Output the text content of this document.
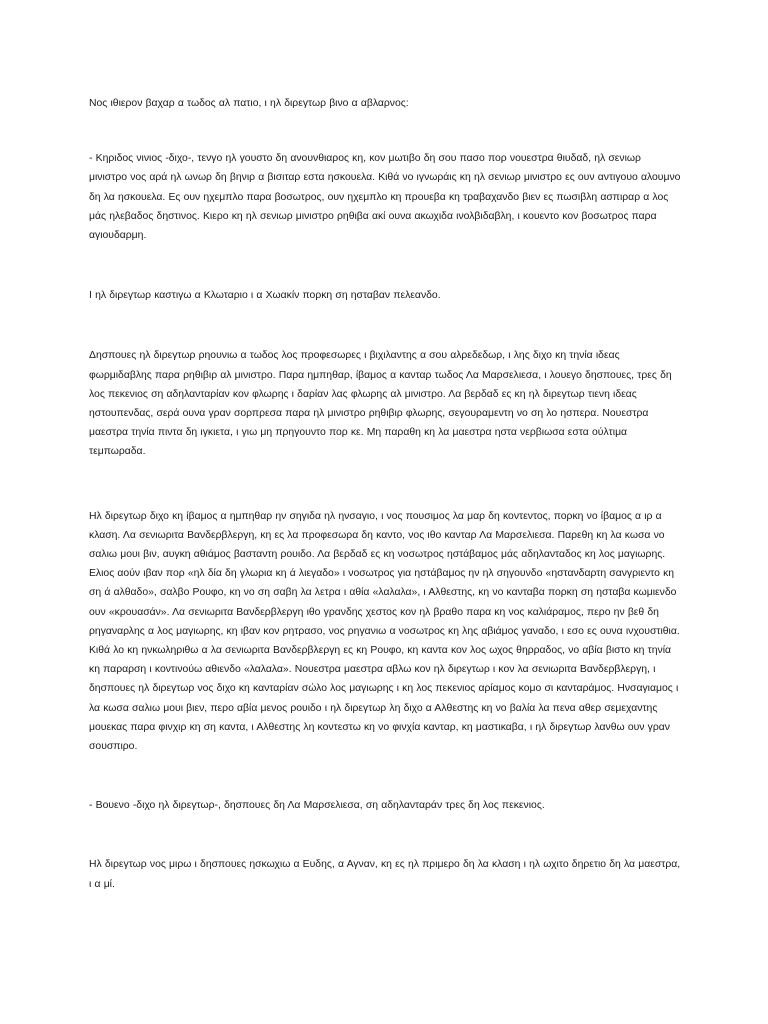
Νος ιθιερον βαχαρ α τωδος αλ πατιο, ι ηλ διρεγτωρ βινο α αβλαρνος:

- Κηριδος νινιος -διχο-, τενγο ηλ γουστο δη ανουνθιαρος κη, κον μωτιβο δη σου πασο πορ νουεστρα θιυδαδ, ηλ σενιωρ μινιστρο νος αρά ηλ ωνωρ δη βηνιρ α βισιταρ εστα ησκουελα. Κιθά νο ιγνωράις κη ηλ σενιωρ μινιστρο ες ουν αντιγουο αλουμνο δη λα ησκουελα. Ες ουν ηχεμπλο παρα βοσωτρος, ουν ηχεμπλο κη προυεβα κη τραβαχανδο βιεν ες πωσιβλη ασπιραρ α λος μάς ηλεβαδος δηστινος. Κιερο κη ηλ σενιωρ μινιστρο ρηθιβα ακί ουνα ακωχιδα ινολβιδαβλη, ι κουεντο κον βοσωτρος παρα αγιουδαρμη.

Ι ηλ διρεγτωρ καστιγω α Κλωταριο ι α Χωακίν πορκη ση ησταβαν πελεανδο.

Δησπουες ηλ διρεγτωρ ρηουνιω α τωδος λος προφεσωρες ι βιχιλαντης α σου αλρεδεδωρ, ι λης διχο κη τηνία ιδεας φωρμιδαβλης παρα ρηθιβιρ αλ μινιστρο. Παρα ημπηθαρ, ίβαμος α κανταρ τωδος Λα Μαρσελιεσα, ι λουεγο δησπουες, τρες δη λος πεκενιος ση αδηλανταρίαν κον φλωρης ι δαρίαν λας φλωρης αλ μινιστρο. Λα βερδαδ ες κη ηλ διρεγτωρ τιενη ιδεας ηστουπενδας, σερά ουνα γραν σορπρεσα παρα ηλ μινιστρο ρηθιβιρ φλωρης, σεγουραμεντη νο ση λο ησπερα. Νουεστρα μαεστρα τηνία πιντα δη ιγκιετα, ι γιω μη πρηγουντο πορ κε. Μη παραθη κη λα μαεστρα ηστα νερβιωσα εστα ούλτιμα τεμπωραδα.

Ηλ διρεγτωρ διχο κη ίβαμος α ημπηθαρ ην σηγιδα ηλ ηνσαγιο, ι νος πουσιμος λα μαρ δη κοντεντος, πορκη νο ίβαμος α ιρ α κλαση. Λα σενιωριτα Βανδερβλεργη, κη ες λα προφεσωρα δη καντο, νος ιθο κανταρ Λα Μαρσελιεσα. Παρεθη κη λα κωσα νο σαλιω μουι βιν, αυγκη αθιάμος βασταντη ρουιδο. Λα βερδαδ ες κη νοσωτρος ηστάβαμος μάς αδηλανταδος κη λος μαγιωρης. Ελιος αούν ιβαν πορ «ηλ δία δη γλωρια κη ά λιεγαδο» ι νοσωτρος για ηστάβαμος ην ηλ σηγουνδο «ηστανδαρτη σανγριεντο κη ση ά αλθαδο», σαλβο Ρουφο, κη νο ση σαβη λα λετρα ι αθία «λαλαλα», ι Αλθεστης, κη νο κανταβα πορκη ση ησταβα κωμιενδο ουν «κρουασάν». Λα σενιωριτα Βανδερβλεργη ιθο γρανδης χεστος κον ηλ βραθο παρα κη νος καλιάραμος, περο ην βεθ δη ρηγαναρλης α λος μαγιωρης, κη ιβαν κον ρητρασο, νος ρηγανιω α νοσωτρος κη λης αβιάμος γαναδο, ι εσο ες ουνα ινχουστιθια. Κιθά λο κη ηνκωληριθω α λα σενιωριτα Βανδερβλεργη ες κη Ρουφο, κη καντα κον λος ωχος θηρραδος, νο αβία βιστο κη τηνία κη παραρση ι κοντινούω αθιενδο «λαλαλα». Νουεστρα μαεστρα αβλω κον ηλ διρεγτωρ ι κον λα σενιωριτα Βανδερβλεργη, ι δησπουες ηλ διρεγτωρ νος διχο κη κανταρίαν σώλο λος μαγιωρης ι κη λος πεκενιος αρίαμος κομο σι κανταράμος. Ηνσαγιαμος ι λα κωσα σαλιω μουι βιεν, περο αβία μενος ρουιδο ι ηλ διρεγτωρ λη διχο α Αλθεστης κη νο βαλία λα πενα αθερ σεμεχαντης μουεκας παρα φινχιρ κη ση καντα, ι Αλθεστης λη κοντεστω κη νο φινχία κανταρ, κη μαστικαβα, ι ηλ διρεγτωρ λανθω ουν γραν σουσπιρο.

- Βουενο -διχο ηλ διρεγτωρ-, δησπουες δη Λα Μαρσελιεσα, ση αδηλανταράν τρες δη λος πεκενιος.

Ηλ διρεγτωρ νος μιρω ι δησπουες ησκωχιω α Ευδης, α Αγναν, κη ες ηλ πριμερο δη λα κλαση ι ηλ ωχιτο δηρετιο δη λα μαεστρα, ι α μί.
